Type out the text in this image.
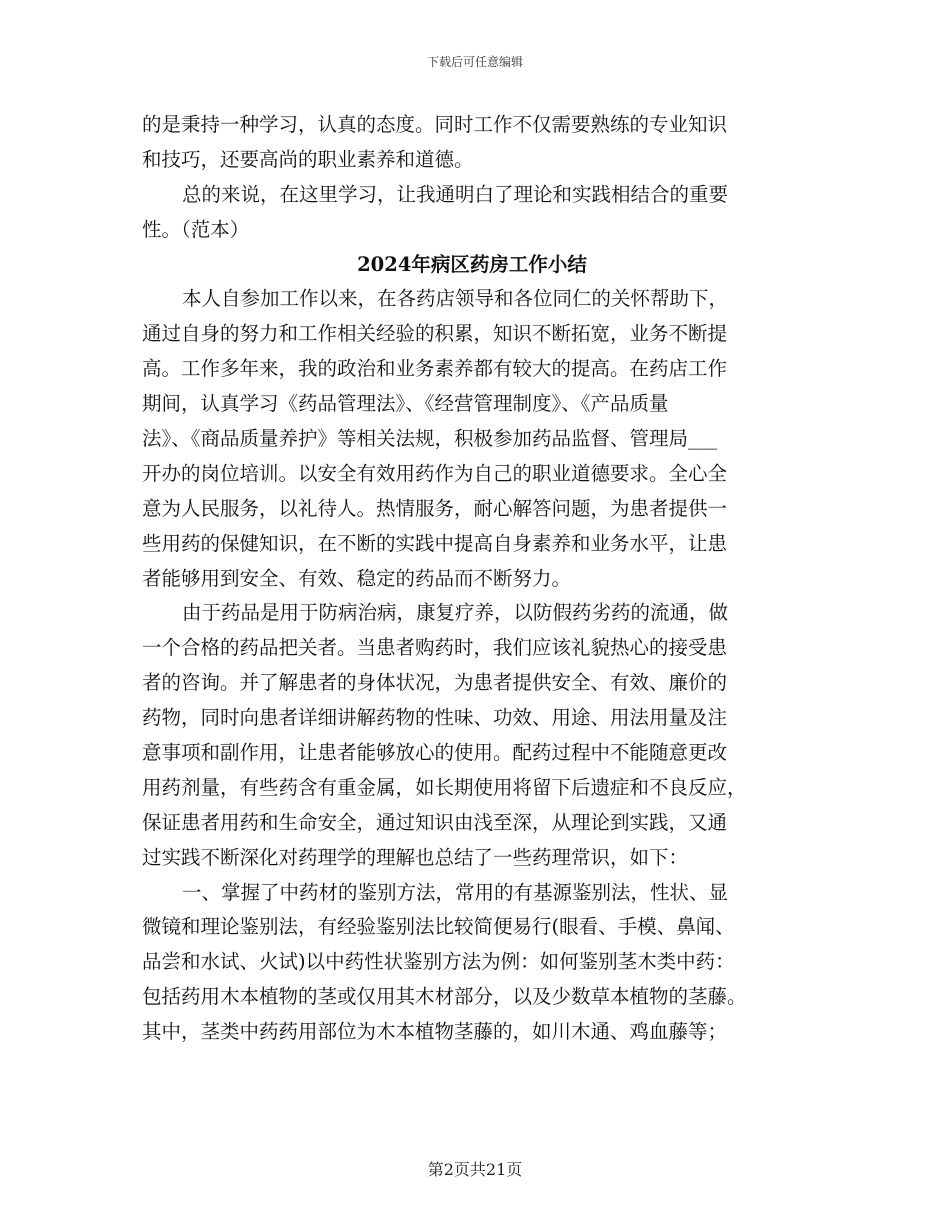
下载后可任意编辑
的是秉持一种学习，认真的态度。同时工作不仅需要熟练的专业知识
和技巧，还要高尚的职业素养和道德。
总的来说，在这里学习，让我通明白了理论和实践相结合的重要
性。（范本）
2024年病区药房工作小结
本人自参加工作以来，在各药店领导和各位同仁的关怀帮助下，
通过自身的努力和工作相关经验的积累，知识不断拓宽，业务不断提
高。工作多年来，我的政治和业务素养都有较大的提高。在药店工作
期间，认真学习《药品管理法》、《经营管理制度》、《产品质量
法》、《商品质量养护》等相关法规，积极参加药品监督、管理局___
开办的岗位培训。以安全有效用药作为自己的职业道德要求。全心全
意为人民服务，以礼待人。热情服务，耐心解答问题，为患者提供一
些用药的保健知识，在不断的实践中提高自身素养和业务水平，让患
者能够用到安全、有效、稳定的药品而不断努力。
由于药品是用于防病治病，康复疗养，以防假药劣药的流通，做
一个合格的药品把关者。当患者购药时，我们应该礼貌热心的接受患
者的咨询。并了解患者的身体状况，为患者提供安全、有效、廉价的
药物，同时向患者详细讲解药物的性味、功效、用途、用法用量及注
意事项和副作用，让患者能够放心的使用。配药过程中不能随意更改
用药剂量，有些药含有重金属，如长期使用将留下后遗症和不良反应，
保证患者用药和生命安全，通过知识由浅至深，从理论到实践，又通
过实践不断深化对药理学的理解也总结了一些药理常识，如下：
一、掌握了中药材的鉴别方法，常用的有基源鉴别法，性状、显
微镜和理论鉴别法，有经验鉴别法比较简便易行(眼看、手模、鼻闻、
品尝和水试、火试)以中药性状鉴别方法为例：如何鉴别茎木类中药：
包括药用木本植物的茎或仅用其木材部分，以及少数草本植物的茎藤。
其中，茎类中药药用部位为木本植物茎藤的，如川木通、鸡血藤等；
第2页共21页
